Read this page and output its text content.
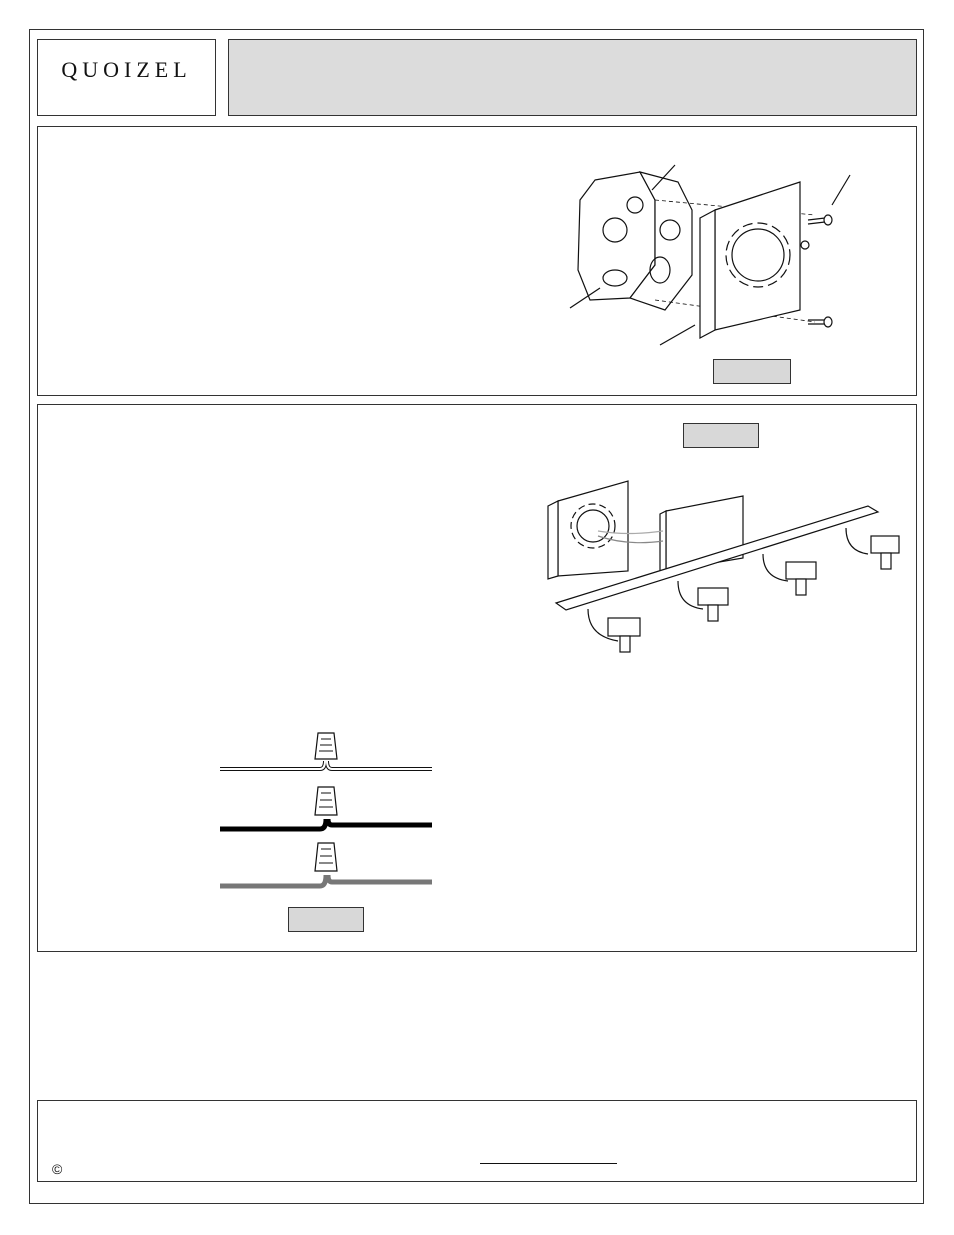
QUOIZEL
©
